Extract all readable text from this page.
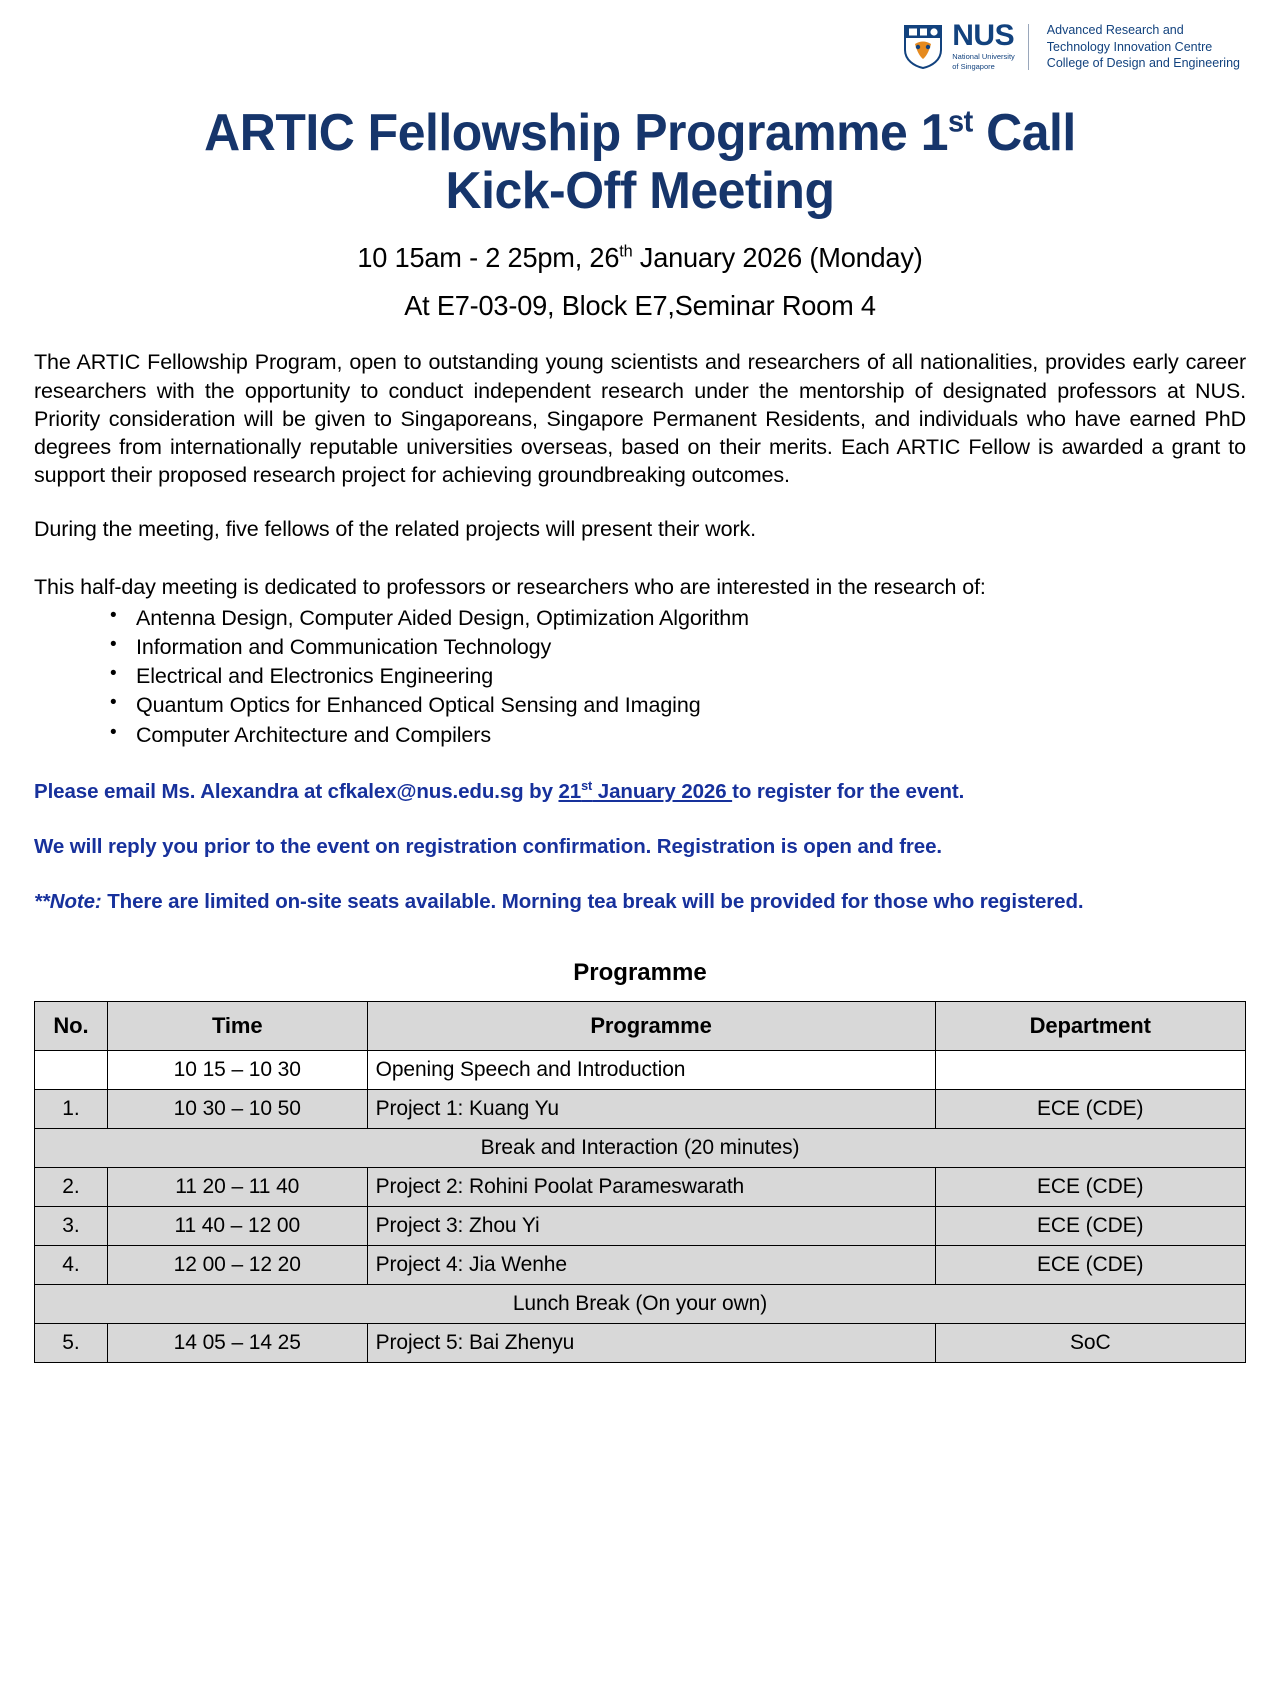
NUS
National University
of Singapore
Advanced Research and
Technology Innovation Centre
College of Design and Engineering
ARTIC Fellowship Programme 1st Call
Kick-Off Meeting
10 15am - 2 25pm, 26th January 2026 (Monday)
At E7-03-09, Block E7,Seminar Room 4

The ARTIC Fellowship Program, open to outstanding young scientists and researchers of all nationalities, provides early career researchers with the opportunity to conduct independent research under the mentorship of designated professors at NUS. Priority consideration will be given to Singaporeans, Singapore Permanent Residents, and individuals who have earned PhD degrees from internationally reputable universities overseas, based on their merits. Each ARTIC Fellow is awarded a grant to support their proposed research project for achieving groundbreaking outcomes.

During the meeting, five fellows of the related projects will present their work.

This half-day meeting is dedicated to professors or researchers who are interested in the research of:

• Antenna Design, Computer Aided Design, Optimization Algorithm
• Information and Communication Technology
• Electrical and Electronics Engineering
• Quantum Optics for Enhanced Optical Sensing and Imaging
• Computer Architecture and Compilers

Please email Ms. Alexandra at cfkalex@nus.edu.sg by 21st January 2026 to register for the event.

We will reply you prior to the event on registration confirmation. Registration is open and free.

**Note: There are limited on-site seats available. Morning tea break will be provided for those who registered.

Programme
No.	Time	Programme	Department
	10 15 – 10 30	Opening Speech and Introduction	
1.	10 30 – 10 50	Project 1: Kuang Yu	ECE (CDE)
Break and Interaction (20 minutes)			
2.	11 20 – 11 40	Project 2: Rohini Poolat Parameswarath	ECE (CDE)
3.	11 40 – 12 00	Project 3: Zhou Yi	ECE (CDE)
4.	12 00 – 12 20	Project 4: Jia Wenhe	ECE (CDE)
Lunch Break (On your own)			
5.	14 05 – 14 25	Project 5: Bai Zhenyu	SoC
